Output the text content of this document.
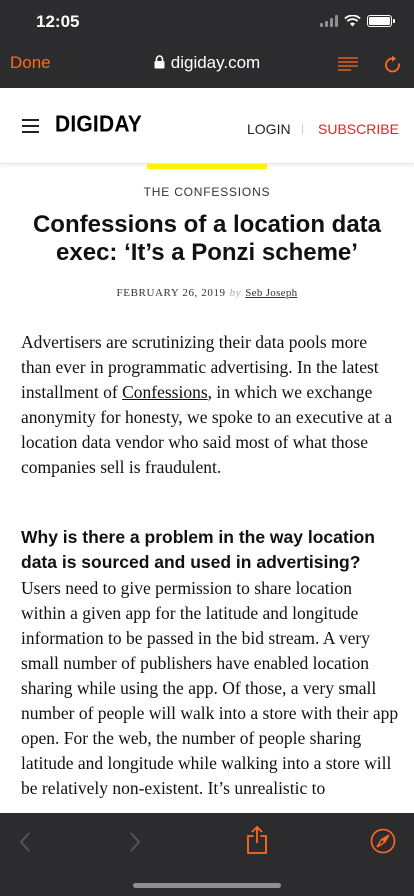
12:05
Done	digiday.com
DIGIDAY	LOGIN SUBSCRIBE
THE CONFESSIONS
Confessions of a location data exec: ‘It’s a Ponzi scheme’
FEBRUARY 26, 2019 by Seb Joseph

Advertisers are scrutinizing their data pools more than ever in programmatic advertising. In the latest installment of Confessions, in which we exchange anonymity for honesty, we spoke to an executive at a location data vendor who said most of what those companies sell is fraudulent.

Why is there a problem in the way location data is sourced and used in advertising?

Users need to give permission to share location within a given app for the latitude and longitude information to be passed in the bid stream. A very small number of publishers have enabled location sharing while using the app. Of those, a very small number of people will walk into a store with their app open. For the web, the number of people sharing latitude and longitude while walking into a store will be relatively non-existent. It’s unrealistic to
